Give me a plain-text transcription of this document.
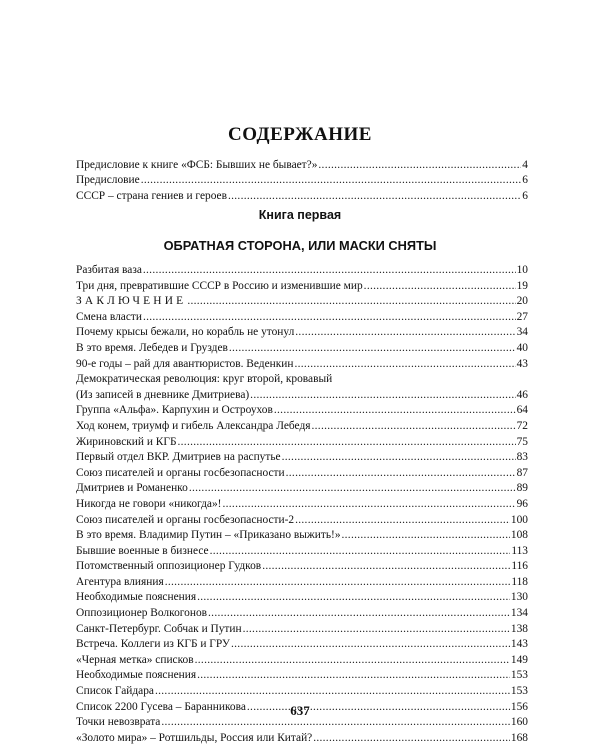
СОДЕРЖАНИЕ
Предисловие к книге «ФСБ: Бывших не бывает?» .....	4
Предисловие .....	6
СССР – страна гениев и героев .....	6
Книга первая
ОБРАТНАЯ СТОРОНА, ИЛИ МАСКИ СНЯТЫ
Разбитая ваза .....	10
Три дня, превратившие СССР в Россию и изменившие мир .....	19
ЗАКЛЮЧЕНИЕ .....	20
Смена власти .....	27
Почему крысы бежали, но корабль не утонул .....	34
В это время. Лебедев и Груздев .....	40
90-е годы – рай для авантюристов. Веденкин .....	43
Демократическая революция: круг второй, кровавый
(Из записей в дневнике Дмитриева) .....	46
Группа «Альфа». Карпухин и Остроухов .....	64
Ход конем, триумф и гибель Александра Лебедя .....	72
Жириновский и КГБ .....	75
Первый отдел ВКР. Дмитриев на распутье .....	83
Союз писателей и органы госбезопасности .....	87
Дмитриев и Романенко .....	89
Никогда не говори «никогда»! .....	96
Союз писателей и органы госбезопасности-2 .....	100
В это время. Владимир Путин – «Приказано выжить!» .....	108
Бывшие военные в бизнесе .....	113
Потомственный оппозиционер Гудков .....	116
Агентура влияния .....	118
Необходимые пояснения .....	130
Оппозиционер Волкогонов .....	134
Санкт-Петербург. Собчак и Путин .....	138
Встреча. Коллеги из КГБ и ГРУ .....	143
«Черная метка» списков .....	149
Необходимые пояснения .....	153
Список Гайдара .....	153
Список 2200 Гусева – Баранникова .....	156
Точки невозврата .....	160
«Золото мира» – Ротшильды, Россия или Китай? .....	168
637
